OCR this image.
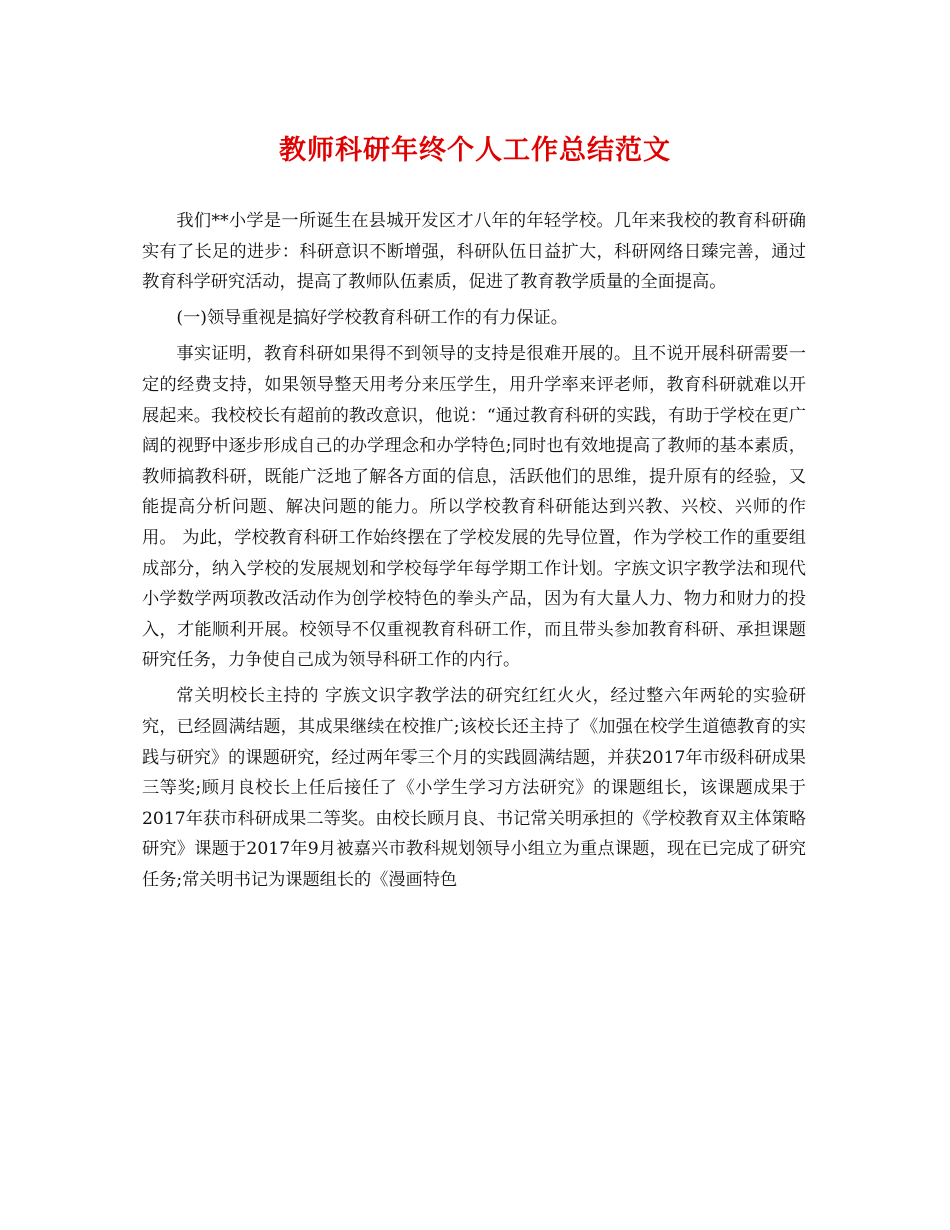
教师科研年终个人工作总结范文

我们**小学是一所诞生在县城开发区才八年的年轻学校。几年来我校的教育科研确实有了长足的进步：科研意识不断增强，科研队伍日益扩大，科研网络日臻完善，通过教育科学研究活动，提高了教师队伍素质，促进了教育教学质量的全面提高。

(一)领导重视是搞好学校教育科研工作的有力保证。

事实证明，教育科研如果得不到领导的支持是很难开展的。且不说开展科研需要一定的经费支持，如果领导整天用考分来压学生，用升学率来评老师，教育科研就难以开展起来。我校校长有超前的教改意识，他说：“通过教育科研的实践，有助于学校在更广阔的视野中逐步形成自己的办学理念和办学特色;同时也有效地提高了教师的基本素质，教师搞教科研，既能广泛地了解各方面的信息，活跃他们的思维，提升原有的经验，又能提高分析问题、解决问题的能力。所以学校教育科研能达到兴教、兴校、兴师的作用。 为此，学校教育科研工作始终摆在了学校发展的先导位置，作为学校工作的重要组成部分，纳入学校的发展规划和学校每学年每学期工作计划。字族文识字教学法和现代小学数学两项教改活动作为创学校特色的拳头产品，因为有大量人力、物力和财力的投入，才能顺利开展。校领导不仅重视教育科研工作，而且带头参加教育科研、承担课题研究任务，力争使自己成为领导科研工作的内行。

常关明校长主持的 字族文识字教学法的研究红红火火，经过整六年两轮的实验研究，已经圆满结题，其成果继续在校推广;该校长还主持了《加强在校学生道德教育的实践与研究》的课题研究，经过两年零三个月的实践圆满结题，并获2017年市级科研成果三等奖;顾月良校长上任后接任了《小学生学习方法研究》的课题组长，该课题成果于2017年获市科研成果二等奖。由校长顾月良、书记常关明承担的《学校教育双主体策略研究》课题于2017年9月被嘉兴市教科规划领导小组立为重点课题，现在已完成了研究任务;常关明书记为课题组长的《漫画特色
